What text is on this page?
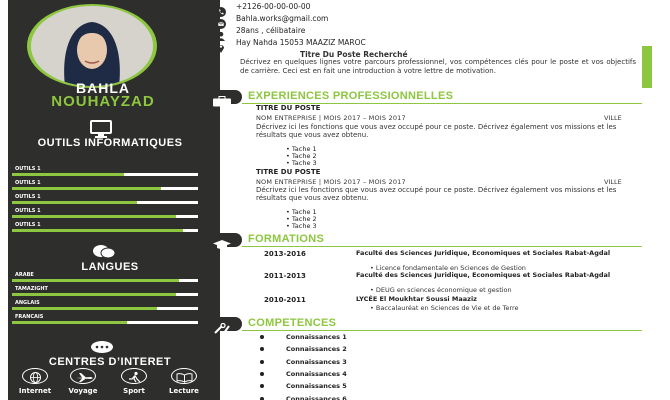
BAHLA
NOUHAYZAD
OUTILS INFORMATIQUES
OUTILS 1
OUTILS 1
OUTILS 1
OUTILS 1
OUTILS 1
LANGUES
ARABE
TAMAZIGHT
ANGLAIS
FRANCAIS
CENTRES D’INTERET
Internet	Voyage	Sport	Lecture
+2126-00-00-00-00
Bahla.works@gmail.com
28ans , célibataire
Hay Nahda 15053 MAAZIZ MAROC
Titre Du Poste Recherché
Décrivez en quelques lignes votre parcours professionnel, vos compétences clés pour le poste et vos objectifs de carrière. Ceci est en fait une introduction à votre lettre de motivation.
EXPERIENCES PROFESSIONNELLES
TITRE DU POSTE
NOM ENTREPRISE | MOIS 2017 – MOIS 2017	VILLE
Décrivez ici les fonctions que vous avez occupé pour ce poste. Décrivez également vos missions et les résultats que vous avez obtenu.
• Tache 1
• Tache 2
• Tache 3
TITRE DU POSTE
NOM ENTREPRISE | MOIS 2017 – MOIS 2017	VILLE
Décrivez ici les fonctions que vous avez occupé pour ce poste. Décrivez également vos missions et les résultats que vous avez obtenu.
• Tache 1
• Tache 2
• Tache 3
FORMATIONS
2013-2016	Faculté des Sciences Juridique, Economiques et Sociales Rabat-Agdal
• Licence fondamentale en Sciences de Gestion
2011-2013	Faculté des Sciences Juridique, Economiques et Sociales Rabat-Agdal
• DEUG en sciences économique et gestion
2010-2011	LYCÉE El Moukhtar Soussi Maaziz
• Baccalauréat en Sciences de Vie et de Terre
COMPETENCES
Connaissances 1
Connaissances 2
Connaissances 3
Connaissances 4
Connaissances 5
Connaissances 6
